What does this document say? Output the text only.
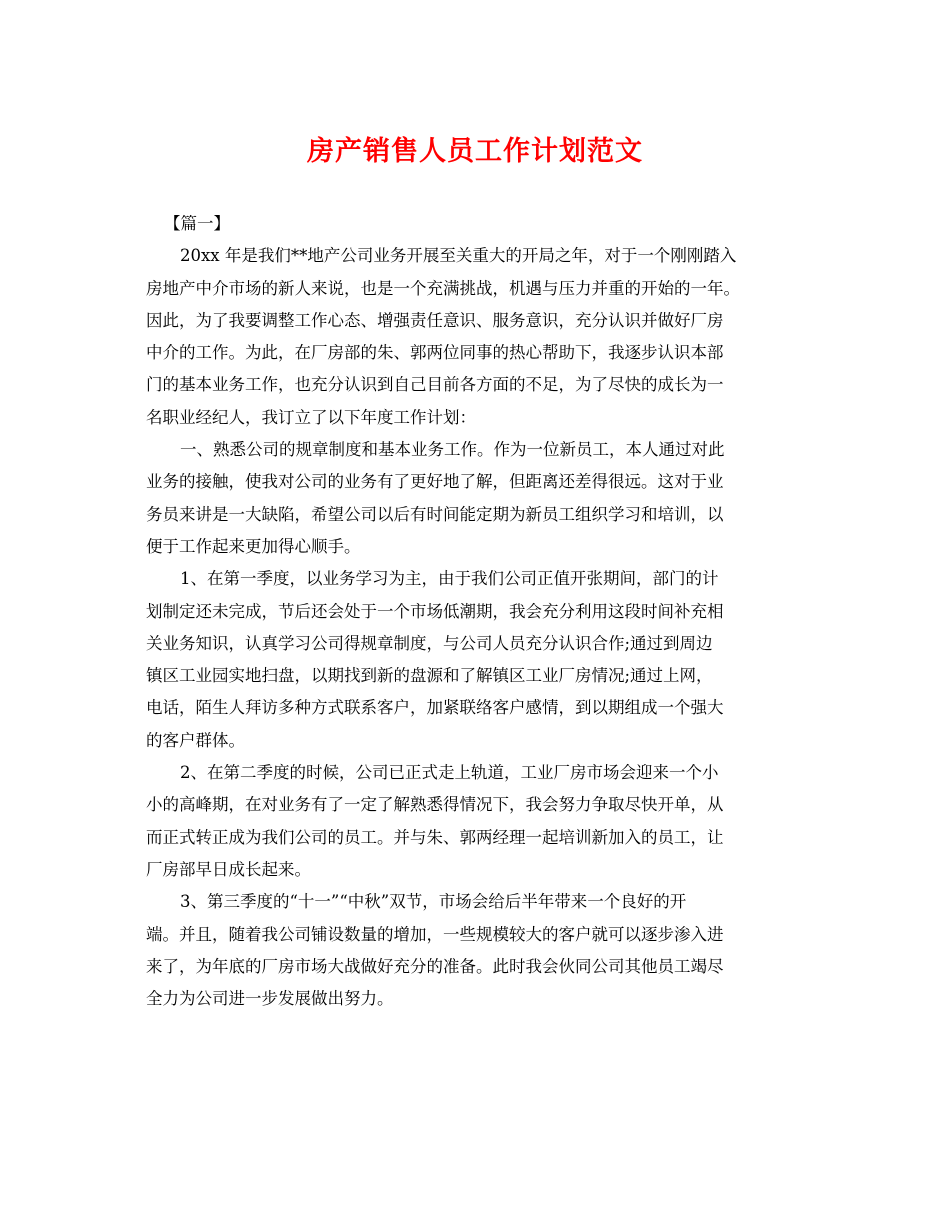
房产销售人员工作计划范文
【篇一】
20xx 年是我们**地产公司业务开展至关重大的开局之年，对于一个刚刚踏入
房地产中介市场的新人来说，也是一个充满挑战，机遇与压力并重的开始的一年。
因此，为了我要调整工作心态、增强责任意识、服务意识，充分认识并做好厂房
中介的工作。为此，在厂房部的朱、郭两位同事的热心帮助下，我逐步认识本部
门的基本业务工作，也充分认识到自己目前各方面的不足，为了尽快的成长为一
名职业经纪人，我订立了以下年度工作计划：
一、熟悉公司的规章制度和基本业务工作。作为一位新员工，本人通过对此
业务的接触，使我对公司的业务有了更好地了解，但距离还差得很远。这对于业
务员来讲是一大缺陷，希望公司以后有时间能定期为新员工组织学习和培训，以
便于工作起来更加得心顺手。
1、在第一季度，以业务学习为主，由于我们公司正值开张期间，部门的计
划制定还未完成，节后还会处于一个市场低潮期，我会充分利用这段时间补充相
关业务知识，认真学习公司得规章制度，与公司人员充分认识合作;通过到周边
镇区工业园实地扫盘，以期找到新的盘源和了解镇区工业厂房情况;通过上网，
电话，陌生人拜访多种方式联系客户，加紧联络客户感情，到以期组成一个强大
的客户群体。
2、在第二季度的时候，公司已正式走上轨道，工业厂房市场会迎来一个小
小的高峰期，在对业务有了一定了解熟悉得情况下，我会努力争取尽快开单，从
而正式转正成为我们公司的员工。并与朱、郭两经理一起培训新加入的员工，让
厂房部早日成长起来。
3、第三季度的“十一”“中秋”双节，市场会给后半年带来一个良好的开
端。并且，随着我公司铺设数量的增加，一些规模较大的客户就可以逐步渗入进
来了，为年底的厂房市场大战做好充分的准备。此时我会伙同公司其他员工竭尽
全力为公司进一步发展做出努力。
